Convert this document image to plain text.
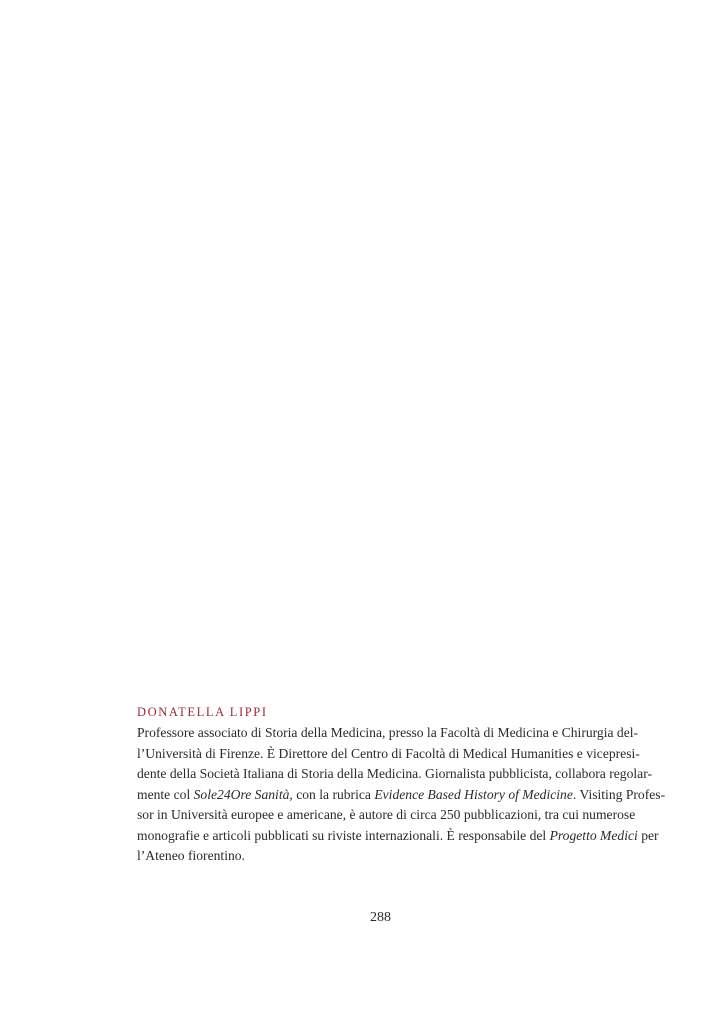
DONATELLA LIPPI
Professore associato di Storia della Medicina, presso la Facoltà di Medicina e Chirurgia del-
l’Università di Firenze. È Direttore del Centro di Facoltà di Medical Humanities e vicepresi-
dente della Società Italiana di Storia della Medicina. Giornalista pubblicista, collabora regolar-
mente col Sole24Ore Sanità, con la rubrica Evidence Based History of Medicine. Visiting Profes-
sor in Università europee e americane, è autore di circa 250 pubblicazioni, tra cui numerose
monografie e articoli pubblicati su riviste internazionali. È responsabile del Progetto Medici per
l’Ateneo fiorentino.
288
